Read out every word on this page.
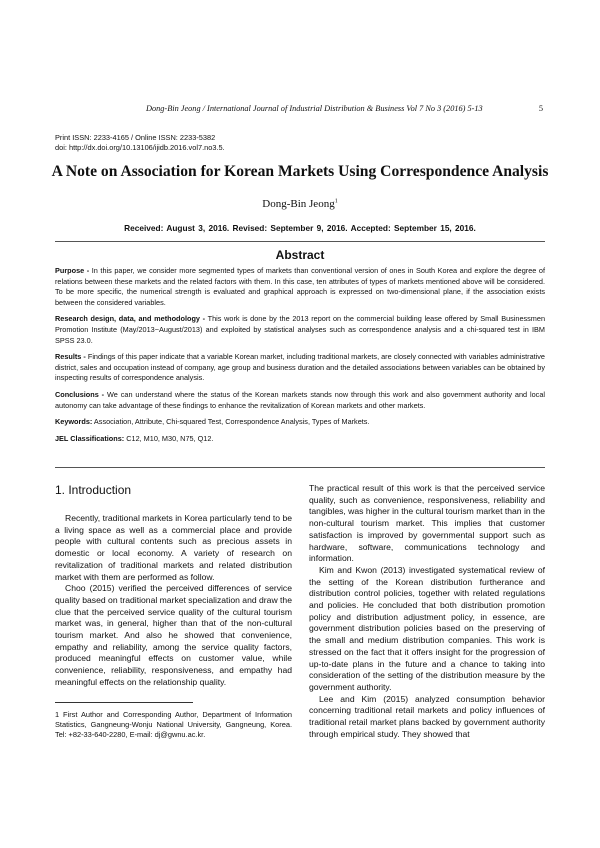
Dong-Bin Jeong / International Journal of Industrial Distribution & Business Vol 7 No 3 (2016) 5-13	5
Print ISSN: 2233-4165 / Online ISSN: 2233-5382
doi: http://dx.doi.org/10.13106/ijidb.2016.vol7.no3.5.
A Note on Association for Korean Markets Using Correspondence Analysis
Dong-Bin Jeong$^1$
Received: August 3, 2016. Revised: September 9, 2016. Accepted: September 15, 2016.
Abstract

Purpose - In this paper, we consider more segmented types of markets than conventional version of ones in South Korea and explore the degree of relations between these markets and the related factors with them. In this case, ten attributes of types of markets mentioned above will be considered. To be more specific, the numerical strength is evaluated and graphical approach is expressed on two-dimensional plane, if the association exists between the considered variables.

Research design, data, and methodology - This work is done by the 2013 report on the commercial building lease offered by Small Businessmen Promotion Institute (May/2013~August/2013) and exploited by statistical analyses such as correspondence analysis and a chi-squared test in IBM SPSS 23.0.

Results - Findings of this paper indicate that a variable Korean market, including traditional markets, are closely connected with variables administrative district, sales and occupation instead of company, age group and business duration and the detailed associations between variables can be obtained by inspecting results of correspondence analysis.

Conclusions - We can understand where the status of the Korean markets stands now through this work and also government authority and local autonomy can take advantage of these findings to enhance the revitalization of Korean markets and other markets.

Keywords: Association, Attribute, Chi-squared Test, Correspondence Analysis, Types of Markets.

JEL Classifications: C12, M10, M30, N75, Q12.

1. Introduction

Recently, traditional markets in Korea particularly tend to be a living space as well as a commercial place and provide people with cultural contents such as precious assets in domestic or local economy. A variety of research on revitalization of traditional markets and related distribution market with them are performed as follow.

Choo (2015) verified the perceived differences of service quality based on traditional market specialization and draw the clue that the perceived service quality of the cultural tourism market was, in general, higher than that of the non-cultural tourism market. And also he showed that convenience, empathy and reliability, among the service quality factors, produced meaningful effects on customer value, while convenience, reliability, responsiveness, and empathy had meaningful effects on the relationship quality.

The practical result of this work is that the perceived service quality, such as convenience, responsiveness, reliability and tangibles, was higher in the cultural tourism market than in the non-cultural tourism market. This implies that customer satisfaction is improved by governmental support such as hardware, software, communications technology and information.

Kim and Kwon (2013) investigated systematical review of the setting of the Korean distribution furtherance and distribution control policies, together with related regulations and policies. He concluded that both distribution promotion policy and distribution adjustment policy, in essence, are government distribution policies based on the preserving of the small and medium distribution companies. This work is stressed on the fact that it offers insight for the progression of up-to-date plans in the future and a chance to taking into consideration of the setting of the distribution measure by the government authority.

Lee and Kim (2015) analyzed consumption behavior concerning traditional retail markets and policy influences of traditional retail market plans backed by government authority through empirical study. They showed that

1 First Author and Corresponding Author, Department of Information Statistics, Gangneung-Wonju National University, Gangneung, Korea. Tel: +82-33-640-2280, E-mail: dj@gwnu.ac.kr.
